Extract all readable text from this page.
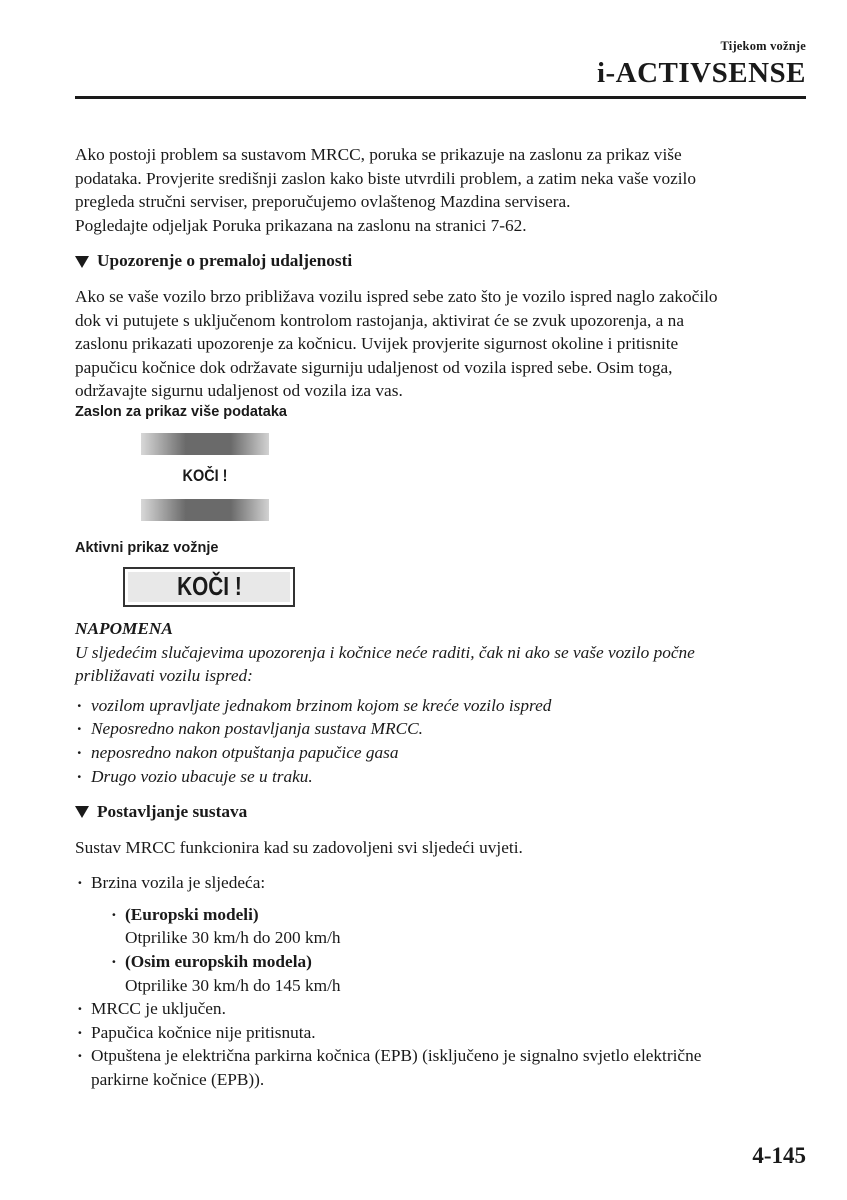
Tijekom vožnje
i-ACTIVSENSE
Ako postoji problem sa sustavom MRCC, poruka se prikazuje na zaslonu za prikaz više
podataka. Provjerite središnji zaslon kako biste utvrdili problem, a zatim neka vaše vozilo
pregleda stručni serviser, preporučujemo ovlaštenog Mazdina servisera.
Pogledajte odjeljak Poruka prikazana na zaslonu na stranici 7-62.
Upozorenje o premaloj udaljenosti
Ako se vaše vozilo brzo približava vozilu ispred sebe zato što je vozilo ispred naglo zakočilo
dok vi putujete s uključenom kontrolom rastojanja, aktivirat će se zvuk upozorenja, a na
zaslonu prikazati upozorenje za kočnicu. Uvijek provjerite sigurnost okoline i pritisnite
papučicu kočnice dok održavate sigurniju udaljenost od vozila ispred sebe. Osim toga,
održavajte sigurnu udaljenost od vozila iza vas.
Zaslon za prikaz više podataka
KOČI !
Aktivni prikaz vožnje
KOČI !
NAPOMENA
U sljedećim slučajevima upozorenja i kočnice neće raditi, čak ni ako se vaše vozilo počne
približavati vozilu ispred:
· vozilom upravljate jednakom brzinom kojom se kreće vozilo ispred
· Neposredno nakon postavljanja sustava MRCC.
· neposredno nakon otpuštanja papučice gasa
· Drugo vozio ubacuje se u traku.
Postavljanje sustava

Sustav MRCC funkcionira kad su zadovoljeni svi sljedeći uvjeti.

· Brzina vozila je sljedeća:
· (Europski modeli)
Otprilike 30 km/h do 200 km/h
· (Osim europskih modela)
Otprilike 30 km/h do 145 km/h
· MRCC je uključen.
· Papučica kočnice nije pritisnuta.
· Otpuštena je električna parkirna kočnica (EPB) (isključeno je signalno svjetlo električne
parkirne kočnice (EPB)).
4-145
